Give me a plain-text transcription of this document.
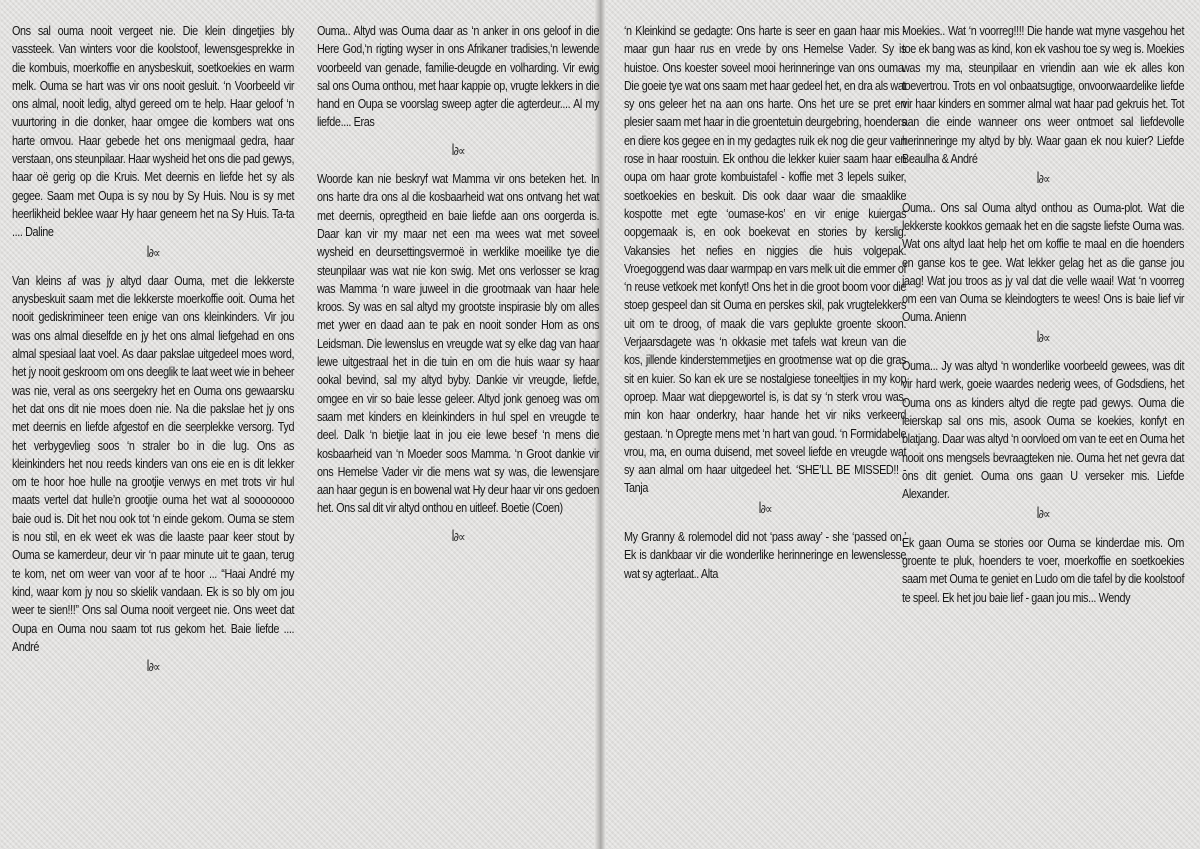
Ons sal ouma nooit vergeet nie. Die klein dingetjies bly vassteek. Van winters voor die koolstoof, lewensgesprekke in die kombuis, moerkoffie en anysbeskuit, soetkoekies en warm melk. Ouma se hart was vir ons nooit gesluit. ‘n Voorbeeld vir ons almal, nooit ledig, altyd gereed om te help. Haar geloof ‘n vuurtoring in die donker, haar omgee die kombers wat ons harte omvou. Haar gebede het ons menigmaal gedra, haar verstaan, ons steunpilaar. Haar wysheid het ons die pad gewys, haar oë gerig op die Kruis. Met deernis en liefde het sy als gegee. Saam met Oupa is sy nou by Sy Huis. Nou is sy met heerlikheid beklee waar Hy haar geneem het na Sy Huis. Ta-ta .... Daline

ꟾ∂∝

Van kleins af was jy altyd daar Ouma, met die lekkerste anysbeskuit saam met die lekkerste moerkoffie ooit. Ouma het nooit gediskrimineer teen enige van ons kleinkinders. Vir jou was ons almal dieselfde en jy het ons almal liefgehad en ons almal spesiaal laat voel. As daar pakslae uitgedeel moes word, het jy nooit geskroom om ons deeglik te laat weet wie in beheer was nie, veral as ons seergekry het en Ouma ons gewaarsku het dat ons dit nie moes doen nie. Na die pakslae het jy ons met deernis en liefde afgestof en die seerplekke versorg. Tyd het verbygevlieg soos ‘n straler bo in die lug. Ons as kleinkinders het nou reeds kinders van ons eie en is dit lekker om te hoor hoe hulle na grootjie verwys en met trots vir hul maats vertel dat hulle’n grootjie ouma het wat al soooooooo baie oud is. Dit het nou ook tot ‘n einde gekom. Ouma se stem is nou stil, en ek weet ek was die laaste paar keer stout by Ouma se kamerdeur, deur vir ‘n paar minute uit te gaan, terug te kom, net om weer van voor af te hoor ... “Haai André my kind, waar kom jy nou so skielik vandaan. Ek is so bly om jou weer te sien!!!” Ons sal Ouma nooit vergeet nie. Ons weet dat Oupa en Ouma nou saam tot rus gekom het. Baie liefde .... André

ꟾ∂∝

Ouma.. Altyd was Ouma daar as ‘n anker in ons geloof in die Here God,‘n rigting wyser in ons Afrikaner tradisies,‘n lewende voorbeeld van genade, familie-deugde en volharding. Vir ewig sal ons Ouma onthou, met haar kappie op, vrugte lekkers in die hand en Oupa se voorslag sweep agter die agterdeur.... Al my liefde.... Eras

ꟾ∂∝

Woorde kan nie beskryf wat Mamma vir ons beteken het. In ons harte dra ons al die kosbaarheid wat ons ontvang het wat met deernis, opregtheid en baie liefde aan ons oorgerda is. Daar kan vir my maar net een ma wees wat met soveel wysheid en deursettingsvermoë in werklike moeilike tye die steunpilaar was wat nie kon swig. Met ons verlosser se krag was Mamma ‘n ware juweel in die grootmaak van haar hele kroos. Sy was en sal altyd my grootste inspirasie bly om alles met ywer en daad aan te pak en nooit sonder Hom as ons Leidsman. Die lewenslus en vreugde wat sy elke dag van haar lewe uitgestraal het in die tuin en om die huis waar sy haar ookal bevind, sal my altyd byby. Dankie vir vreugde, liefde, omgee en vir so baie lesse geleer. Altyd jonk genoeg was om saam met kinders en kleinkinders in hul spel en vreugde te deel. Dalk ‘n bietjie laat in jou eie lewe besef ‘n mens die kosbaarheid van ‘n Moeder soos Mamma. ‘n Groot dankie vir ons Hemelse Vader vir die mens wat sy was, die lewensjare aan haar gegun is en bowenal wat Hy deur haar vir ons gedoen het. Ons sal dit vir altyd onthou en uitleef. Boetie (Coen)

ꟾ∂∝

‘n Kleinkind se gedagte: Ons harte is seer en gaan haar mis - maar gun haar rus en vrede by ons Hemelse Vader. Sy is huistoe. Ons koester soveel mooi herinneringe van ons ouma. Die goeie tye wat ons saam met haar gedeel het, en dra als wat sy ons geleer het na aan ons harte. Ons het ure se pret en plesier saam met haar in die groentetuin deurgebring, hoenders en diere kos gegee en in my gedagtes ruik ek nog die geur van rose in haar roostuin. Ek onthou die lekker kuier saam haar en oupa om haar grote kombuistafel - koffie met 3 lepels suiker, soetkoekies en beskuit. Dis ook daar waar die smaaklike kospotte met egte ‘oumase-kos’ en vir enige kuiergas oopgemaak is, en ook boekevat en stories by kerslig. Vakansies het nefies en niggies die huis volgepak. Vroegoggend was daar warmpap en vars melk uit die emmer of ‘n reuse vetkoek met konfyt! Ons het in die groot boom voor die stoep gespeel dan sit Ouma en perskes skil, pak vrugtelekkers uit om te droog, of maak die vars geplukte groente skoon. Verjaarsdagete was ‘n okkasie met tafels wat kreun van die kos, jillende kinderstemmetjies en grootmense wat op die gras sit en kuier. So kan ek ure se nostalgiese toneeltjies in my kop oproep. Maar wat diepgewortel is, is dat sy ‘n sterk vrou was, min kon haar onderkry, haar hande het vir niks verkeerd gestaan. ‘n Opregte mens met ‘n hart van goud. ‘n Formidabele vrou, ma, en ouma duisend, met soveel liefde en vreugde wat sy aan almal om haar uitgedeel het. ‘SHE’LL BE MISSED!! -Tanja

ꟾ∂∝

My Granny & rolemodel did not ‘pass away’ - she ‘passed on.’ Ek is dankbaar vir die wonderlike herinneringe en lewenslesse wat sy agterlaat.. Alta

Moekies.. Wat ‘n voorreg!!!! Die hande wat myne vasgehou het toe ek bang was as kind, kon ek vashou toe sy weg is. Moekies was my ma, steunpilaar en vriendin aan wie ek alles kon toevertrou. Trots en vol onbaatsugtige, onvoorwaardelike liefde vir haar kinders en sommer almal wat haar pad gekruis het. Tot aan die einde wanneer ons weer ontmoet sal liefdevolle herinneringe my altyd by bly. Waar gaan ek nou kuier? Liefde Beaulha & André

ꟾ∂∝

Ouma.. Ons sal Ouma altyd onthou as Ouma-plot. Wat die lekkerste kookkos gemaak het en die sagste liefste Ouma was. Wat ons altyd laat help het om koffie te maal en die hoenders en ganse kos te gee. Wat lekker gelag het as die ganse jou jaag! Wat jou troos as jy val dat die velle waai! Wat ‘n voorreg om een van Ouma se kleindogters te wees! Ons is baie lief vir Ouma. Anienn

ꟾ∂∝

Ouma... Jy was altyd ‘n wonderlike voorbeeld gewees, was dit vir hard werk, goeie waardes nederig wees, of Godsdiens, het Ouma ons as kinders altyd die regte pad gewys. Ouma die leierskap sal ons mis, asook Ouma se koekies, konfyt en blatjang. Daar was altyd ‘n oorvloed om van te eet en Ouma het nooit ons mengsels bevraagteken nie. Ouma het net gevra dat ons dit geniet. Ouma ons gaan U verseker mis. Liefde Alexander.

ꟾ∂∝

Ek gaan Ouma se stories oor Ouma se kinderdae mis. Om groente te pluk, hoenders te voer, moerkoffie en soetkoekies saam met Ouma te geniet en Ludo om die tafel by die koolstoof te speel. Ek het jou baie lief - gaan jou mis... Wendy
